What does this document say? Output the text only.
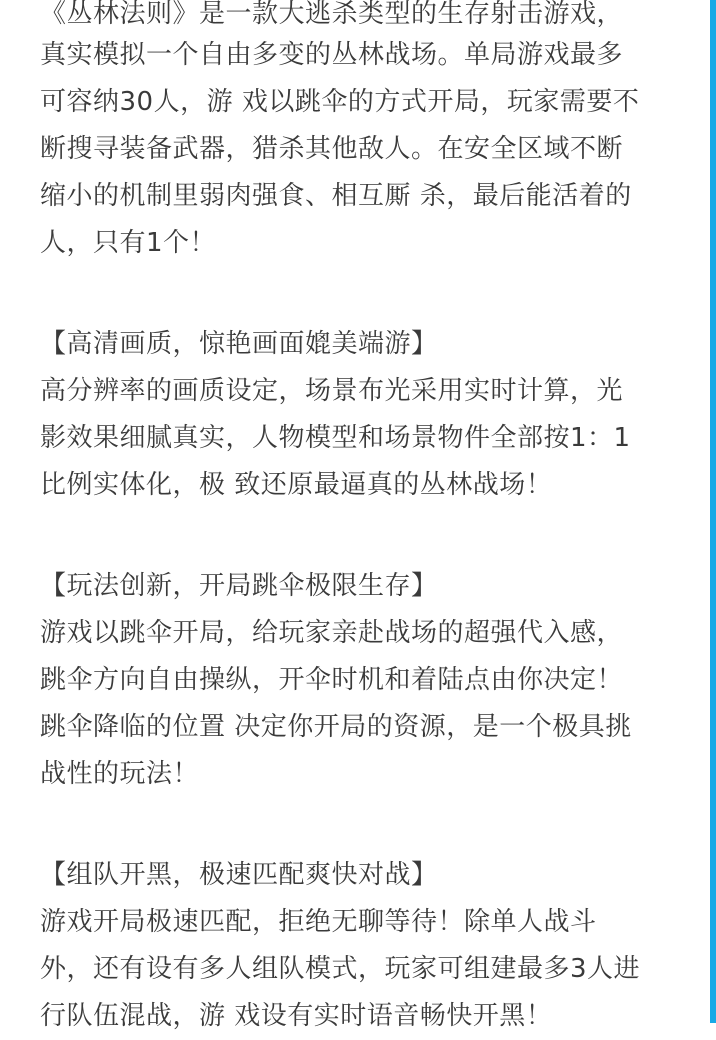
《丛林法则》是一款大逃杀类型的生存射击游戏，
真实模拟一个自由多变的丛林战场。单局游戏最多
可容纳30人，游 戏以跳伞的方式开局，玩家需要不
断搜寻装备武器，猎杀其他敌人。在安全区域不断
缩小的机制里弱肉强食、相互厮 杀，最后能活着的
人，只有1个！
【高清画质，惊艳画面媲美端游】
高分辨率的画质设定，场景布光采用实时计算，光
影效果细腻真实，人物模型和场景物件全部按1：1
比例实体化，极 致还原最逼真的丛林战场！
【玩法创新，开局跳伞极限生存】
游戏以跳伞开局，给玩家亲赴战场的超强代入感，
跳伞方向自由操纵，开伞时机和着陆点由你决定！
跳伞降临的位置 决定你开局的资源，是一个极具挑
战性的玩法！
【组队开黑，极速匹配爽快对战】
游戏开局极速匹配，拒绝无聊等待！除单人战斗
外，还有设有多人组队模式，玩家可组建最多3人进
行队伍混战，游 戏设有实时语音畅快开黑！
